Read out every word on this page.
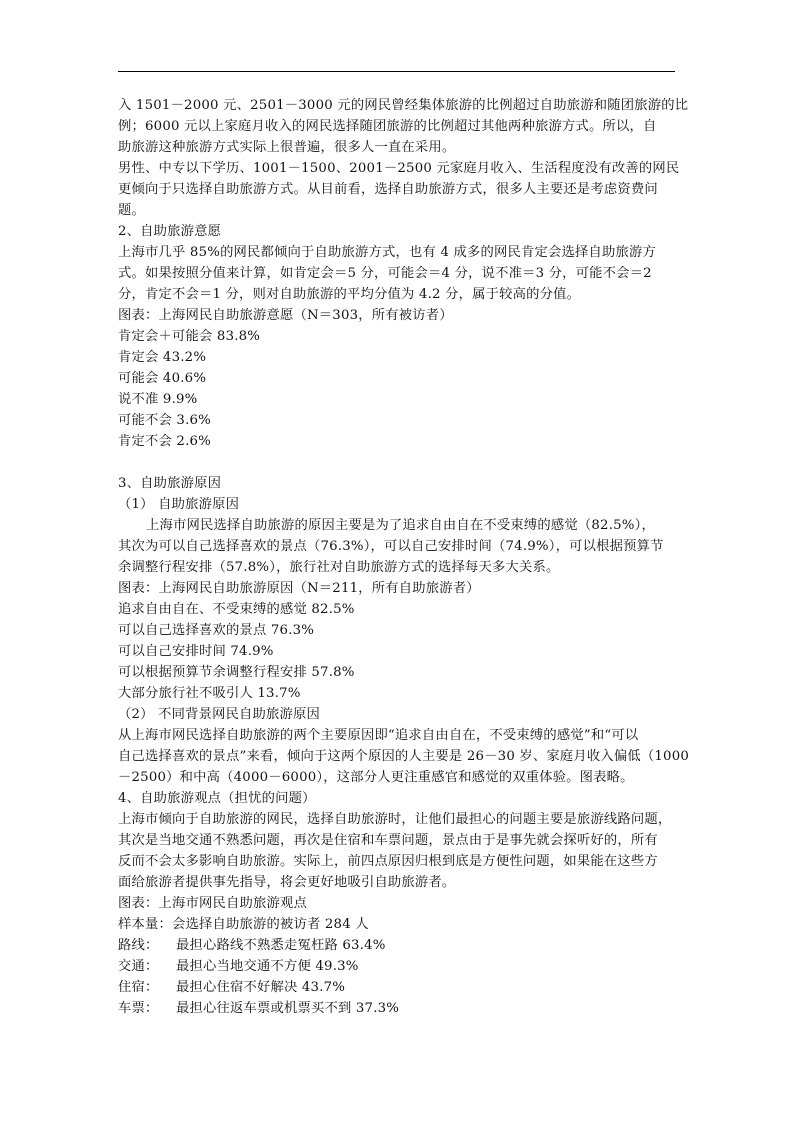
入 1501－2000 元、2501－3000 元的网民曾经集体旅游的比例超过自助旅游和随团旅游的比
例；6000 元以上家庭月收入的网民选择随团旅游的比例超过其他两种旅游方式。所以，自
助旅游这种旅游方式实际上很普遍，很多人一直在采用。
男性、中专以下学历、1001－1500、2001－2500 元家庭月收入、生活程度没有改善的网民
更倾向于只选择自助旅游方式。从目前看，选择自助旅游方式，很多人主要还是考虑资费问
题。
2、自助旅游意愿
上海市几乎 85%的网民都倾向于自助旅游方式，也有 4 成多的网民肯定会选择自助旅游方
式。如果按照分值来计算，如肯定会＝5 分，可能会＝4 分，说不准＝3 分，可能不会＝2
分，肯定不会＝1 分，则对自助旅游的平均分值为 4.2 分，属于较高的分值。
图表：上海网民自助旅游意愿（N＝303，所有被访者）
肯定会＋可能会 83.8%
肯定会 43.2%
可能会 40.6%
说不准 9.9%
可能不会 3.6%
肯定不会 2.6%
3、自助旅游原因
（1） 自助旅游原因
上海市网民选择自助旅游的原因主要是为了追求自由自在不受束缚的感觉（82.5%），
其次为可以自己选择喜欢的景点（76.3%），可以自己安排时间（74.9%），可以根据预算节
余调整行程安排（57.8%），旅行社对自助旅游方式的选择每天多大关系。
图表：上海网民自助旅游原因（N＝211，所有自助旅游者）
追求自由自在、不受束缚的感觉 82.5%
可以自己选择喜欢的景点 76.3%
可以自己安排时间 74.9%
可以根据预算节余调整行程安排 57.8%
大部分旅行社不吸引人 13.7%
（2） 不同背景网民自助旅游原因
从上海市网民选择自助旅游的两个主要原因即“追求自由自在，不受束缚的感觉”和“可以
自己选择喜欢的景点”来看，倾向于这两个原因的人主要是 26－30 岁、家庭月收入偏低（1000
－2500）和中高（4000－6000），这部分人更注重感官和感觉的双重体验。图表略。
4、自助旅游观点（担忧的问题）
上海市倾向于自助旅游的网民，选择自助旅游时，让他们最担心的问题主要是旅游线路问题，
其次是当地交通不熟悉问题，再次是住宿和车票问题，景点由于是事先就会探听好的，所有
反而不会太多影响自助旅游。实际上，前四点原因归根到底是方便性问题，如果能在这些方
面给旅游者提供事先指导，将会更好地吸引自助旅游者。
图表：上海市网民自助旅游观点
样本量：会选择自助旅游的被访者 284 人
路线： 最担心路线不熟悉走冤枉路 63.4%
交通： 最担心当地交通不方便 49.3%
住宿： 最担心住宿不好解决 43.7%
车票： 最担心往返车票或机票买不到 37.3%
